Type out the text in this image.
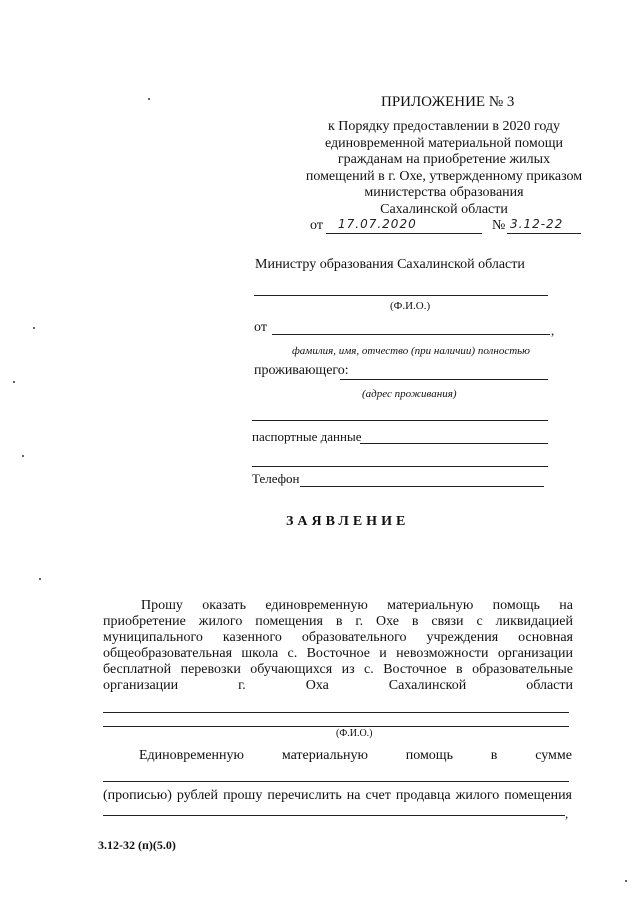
ПРИЛОЖЕНИЕ № 3
к Порядку предоставлении в 2020 году
единовременной материальной помощи
гражданам на приобретение жилых
помещений в г. Охе, утвержденному приказом
министерства образования
Сахалинской области
от 17.07.2020	№ 3.12-22
Министру образования Сахалинской области
(Ф.И.О.)
от	,
фамилия, имя, отчество (при наличии) полностью
проживающего:
(адрес проживания)
паспортные данные
Телефон
ЗАЯВЛЕНИЕ
Прошу оказать единовременную материальную помощь на
приобретение жилого помещения в г. Охе в связи с ликвидацией
муниципального казенного образовательного учреждения основная
общеобразовательная школа с. Восточное и невозможности организации
бесплатной перевозки обучающихся из с. Восточное в образовательные
организации г. Оха Сахалинской области
(Ф.И.О.)
Единовременную материальную помощь в сумме
(прописью) рублей прошу перечислить на счет продавца жилого помещения
,
3.12-32 (п)(5.0)
